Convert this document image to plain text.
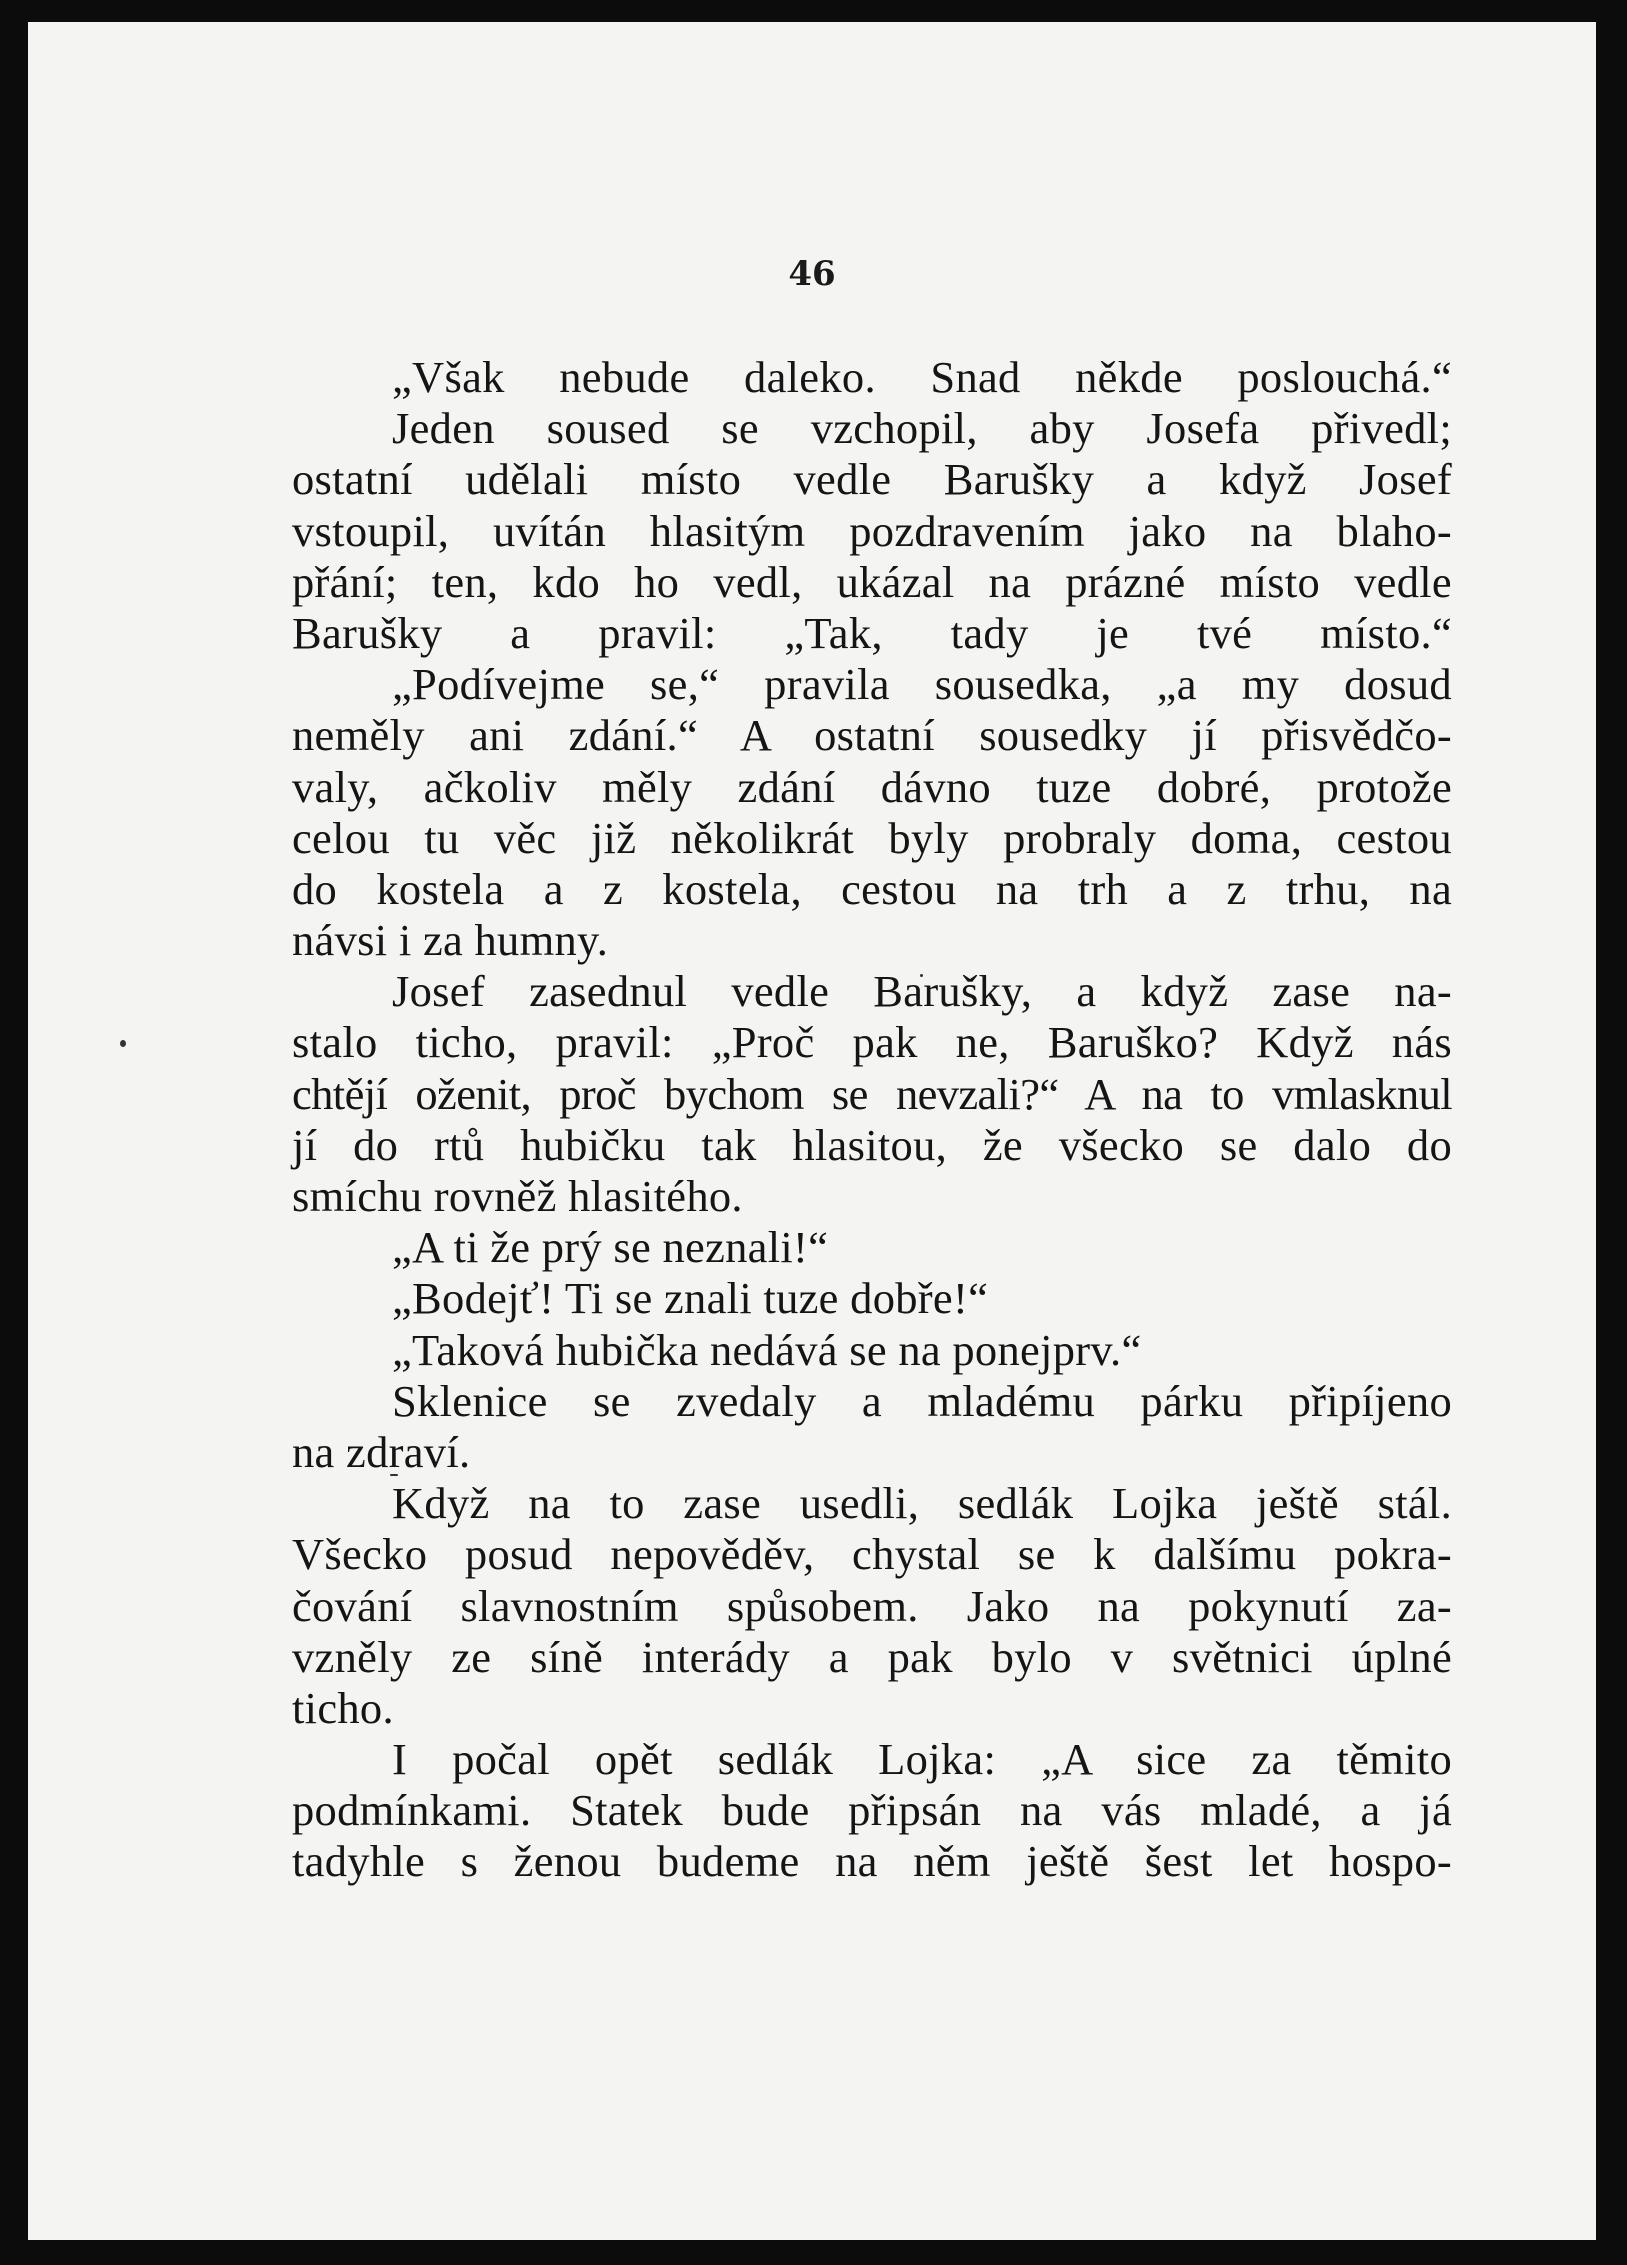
46

„Však nebude daleko. Snad někde poslouchá.“

Jeden soused se vzchopil, aby Josefa přivedl;

ostatní udělali místo vedle Barušky a když Josef

vstoupil, uvítán hlasitým pozdravením jako na blaho-

přání; ten, kdo ho vedl, ukázal na prázné místo vedle

Barušky a pravil: „Tak, tady je tvé místo.“

„Podívejme se,“ pravila sousedka, „a my dosud

neměly ani zdání.“ A ostatní sousedky jí přisvědčo-

valy, ačkoliv měly zdání dávno tuze dobré, protože

celou tu věc již několikrát byly probraly doma, cestou

do kostela a z kostela, cestou na trh a z trhu, na

návsi i za humny.

Josef zasednul vedle Barušky, a když zase na-

stalo ticho, pravil: „Proč pak ne, Baruško? Když nás

chtějí oženit, proč bychom se nevzali?“ A na to vmlasknul

jí do rtů hubičku tak hlasitou, že všecko se dalo do

smíchu rovněž hlasitého.

„A ti že prý se neznali!“

„Bodejť! Ti se znali tuze dobře!“

„Taková hubička nedává se na ponejprv.“

Sklenice se zvedaly a mladému párku připíjeno

na zdraví.

Když na to zase usedli, sedlák Lojka ještě stál.

Všecko posud nepověděv, chystal se k dalšímu pokra-

čování slavnostním spůsobem. Jako na pokynutí za-

vzněly ze síně interády a pak bylo v světnici úplné

ticho.

I počal opět sedlák Lojka: „A sice za těmito

podmínkami. Statek bude připsán na vás mladé, a já

tadyhle s ženou budeme na něm ještě šest let hospo-
